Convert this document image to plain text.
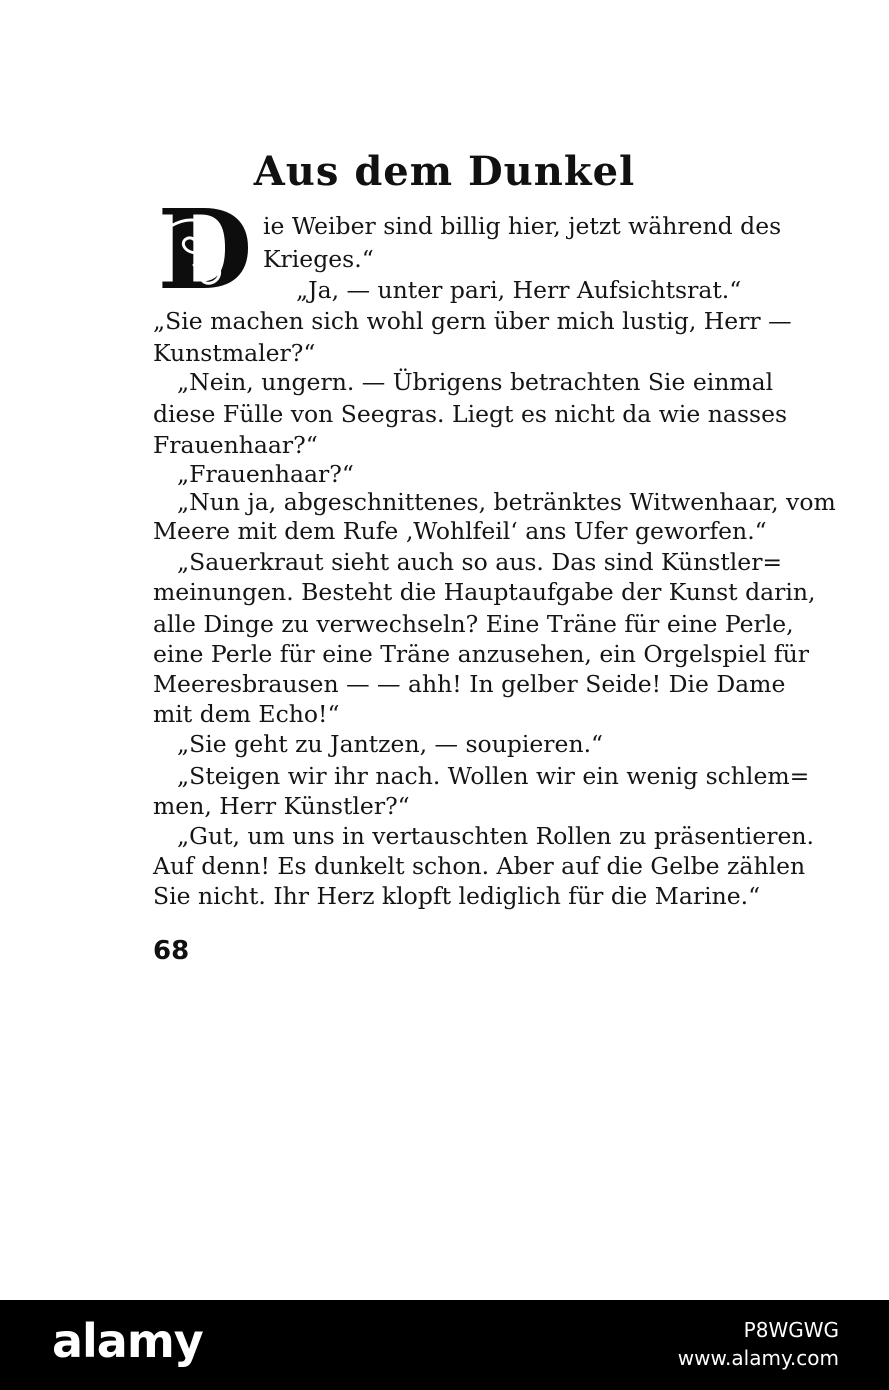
Aus dem Dunkel
D ie Weiber sind billig hier, jetzt während des
Krieges.“
„Ja, — unter pari, Herr Aufsichtsrat.“
„Sie machen sich wohl gern über mich lustig, Herr —
Kunstmaler?“
„Nein, ungern. — Übrigens betrachten Sie einmal
diese Fülle von Seegras. Liegt es nicht da wie nasses
Frauenhaar?“
„Frauenhaar?“
„Nun ja, abgeschnittenes, betränktes Witwenhaar, vom
Meere mit dem Rufe ‚Wohlfeil‘ ans Ufer geworfen.“
„Sauerkraut sieht auch so aus. Das sind Künstler=
meinungen. Besteht die Hauptaufgabe der Kunst darin,
alle Dinge zu verwechseln? Eine Träne für eine Perle,
eine Perle für eine Träne anzusehen, ein Orgelspiel für
Meeresbrausen — — ahh! In gelber Seide! Die Dame
mit dem Echo!“
„Sie geht zu Jantzen, — soupieren.“
„Steigen wir ihr nach. Wollen wir ein wenig schlem=
men, Herr Künstler?“
„Gut, um uns in vertauschten Rollen zu präsentieren.
Auf denn! Es dunkelt schon. Aber auf die Gelbe zählen
Sie nicht. Ihr Herz klopft lediglich für die Marine.“
68
alamy	P8WGWG
www.alamy.com
